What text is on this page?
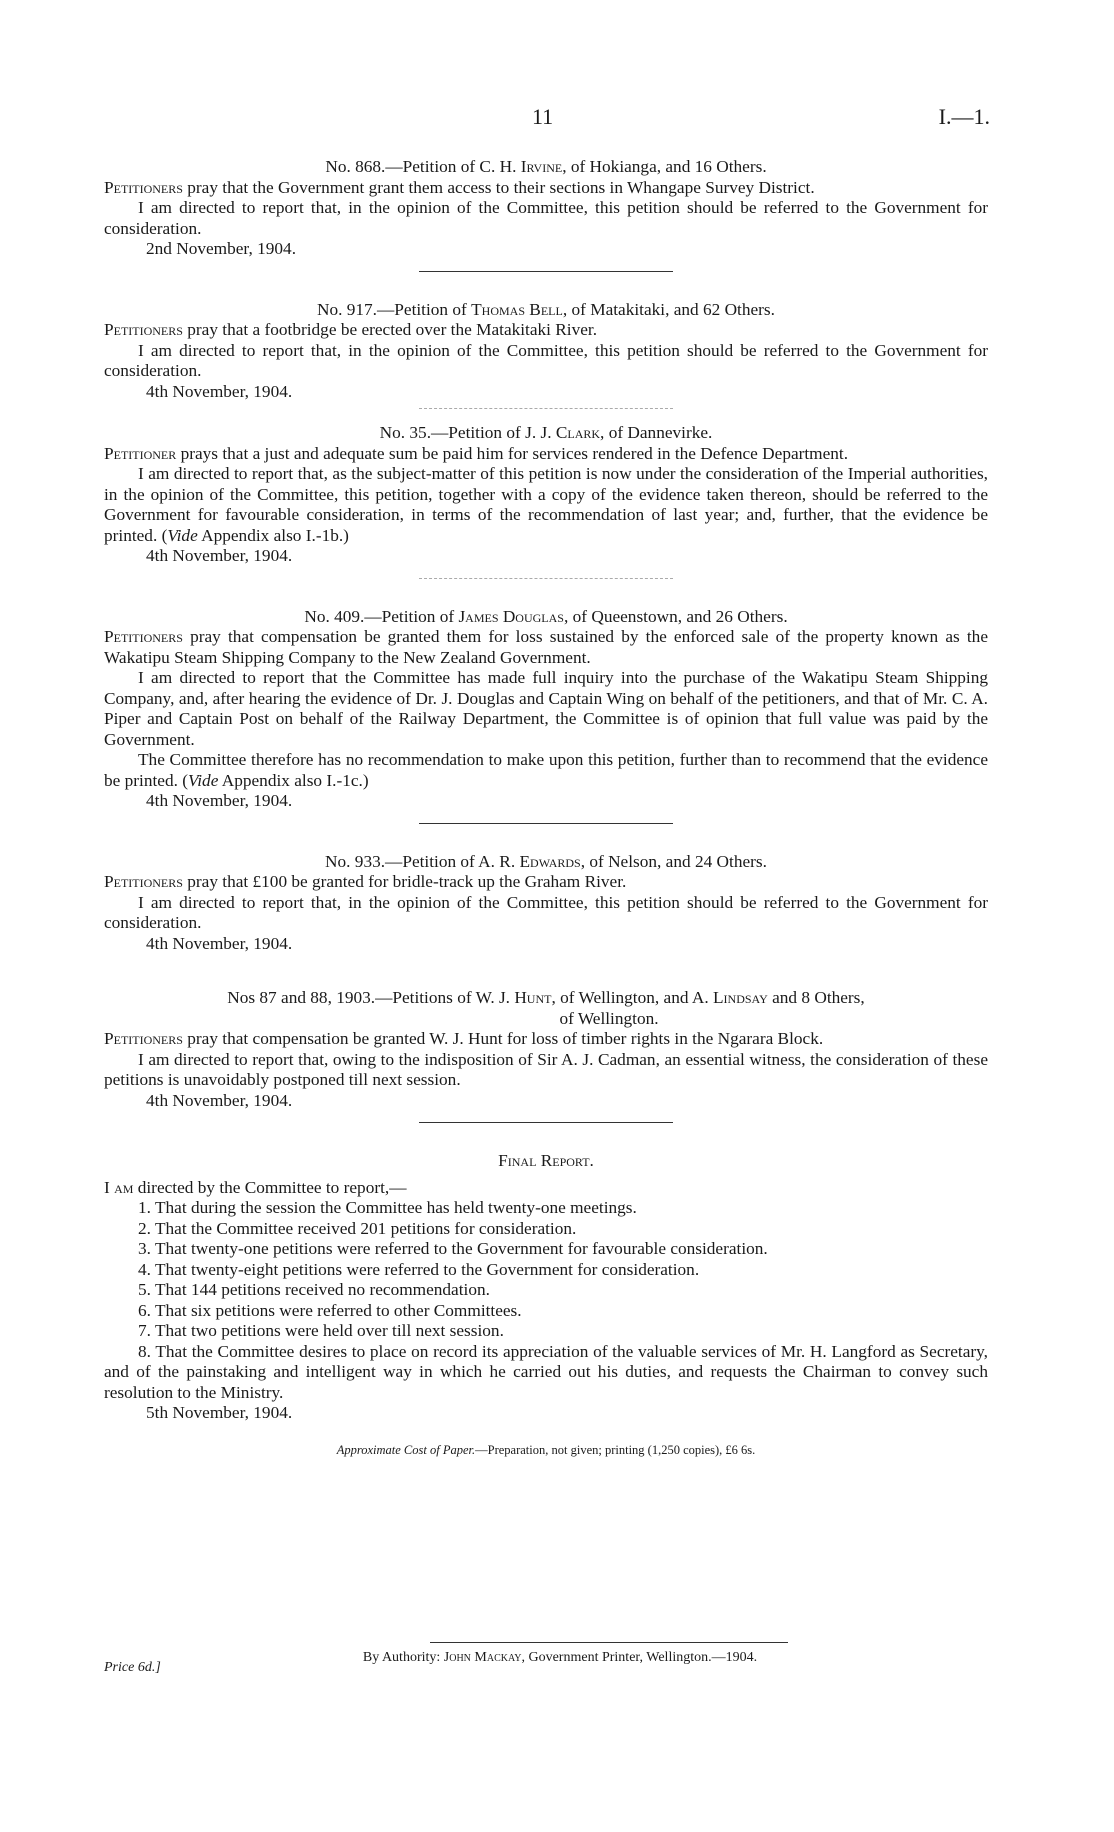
11	I.—1.
No. 868.—Petition of C. H. Irvine, of Hokianga, and 16 Others.

Petitioners pray that the Government grant them access to their sections in Whangape Survey District.

I am directed to report that, in the opinion of the Committee, this petition should be referred to the Government for consideration.

2nd November, 1904.
No. 917.—Petition of Thomas Bell, of Matakitaki, and 62 Others.

Petitioners pray that a footbridge be erected over the Matakitaki River.

I am directed to report that, in the opinion of the Committee, this petition should be referred to the Government for consideration.

4th November, 1904.
No. 35.—Petition of J. J. Clark, of Dannevirke.

Petitioner prays that a just and adequate sum be paid him for services rendered in the Defence Department.

I am directed to report that, as the subject-matter of this petition is now under the consideration of the Imperial authorities, in the opinion of the Committee, this petition, together with a copy of the evidence taken thereon, should be referred to the Government for favourable consideration, in terms of the recommendation of last year; and, further, that the evidence be printed. (Vide Appendix also I.-1b.)

4th November, 1904.
No. 409.—Petition of James Douglas, of Queenstown, and 26 Others.

Petitioners pray that compensation be granted them for loss sustained by the enforced sale of the property known as the Wakatipu Steam Shipping Company to the New Zealand Government.

I am directed to report that the Committee has made full inquiry into the purchase of the Wakatipu Steam Shipping Company, and, after hearing the evidence of Dr. J. Douglas and Captain Wing on behalf of the petitioners, and that of Mr. C. A. Piper and Captain Post on behalf of the Railway Department, the Committee is of opinion that full value was paid by the Government.

The Committee therefore has no recommendation to make upon this petition, further than to recommend that the evidence be printed. (Vide Appendix also I.-1c.)

4th November, 1904.
No. 933.—Petition of A. R. Edwards, of Nelson, and 24 Others.

Petitioners pray that £100 be granted for bridle-track up the Graham River.

I am directed to report that, in the opinion of the Committee, this petition should be referred to the Government for consideration.

4th November, 1904.
Nos 87 and 88, 1903.—Petitions of W. J. Hunt, of Wellington, and A. Lindsay and 8 Others,
of Wellington.

Petitioners pray that compensation be granted W. J. Hunt for loss of timber rights in the Ngarara Block.

I am directed to report that, owing to the indisposition of Sir A. J. Cadman, an essential witness, the consideration of these petitions is unavoidably postponed till next session.

4th November, 1904.
Final Report.

I am directed by the Committee to report,—

1. That during the session the Committee has held twenty-one meetings.
2. That the Committee received 201 petitions for consideration.
3. That twenty-one petitions were referred to the Government for favourable consideration.
4. That twenty-eight petitions were referred to the Government for consideration.
5. That 144 petitions received no recommendation.
6. That six petitions were referred to other Committees.
7. That two petitions were held over till next session.

8. That the Committee desires to place on record its appreciation of the valuable services of Mr. H. Langford as Secretary, and of the painstaking and intelligent way in which he carried out his duties, and requests the Chairman to convey such resolution to the Ministry.

5th November, 1904.
Approximate Cost of Paper.—Preparation, not given; printing (1,250 copies), £6 6s.
By Authority: John Mackay, Government Printer, Wellington.—1904.
Price 6d.]
